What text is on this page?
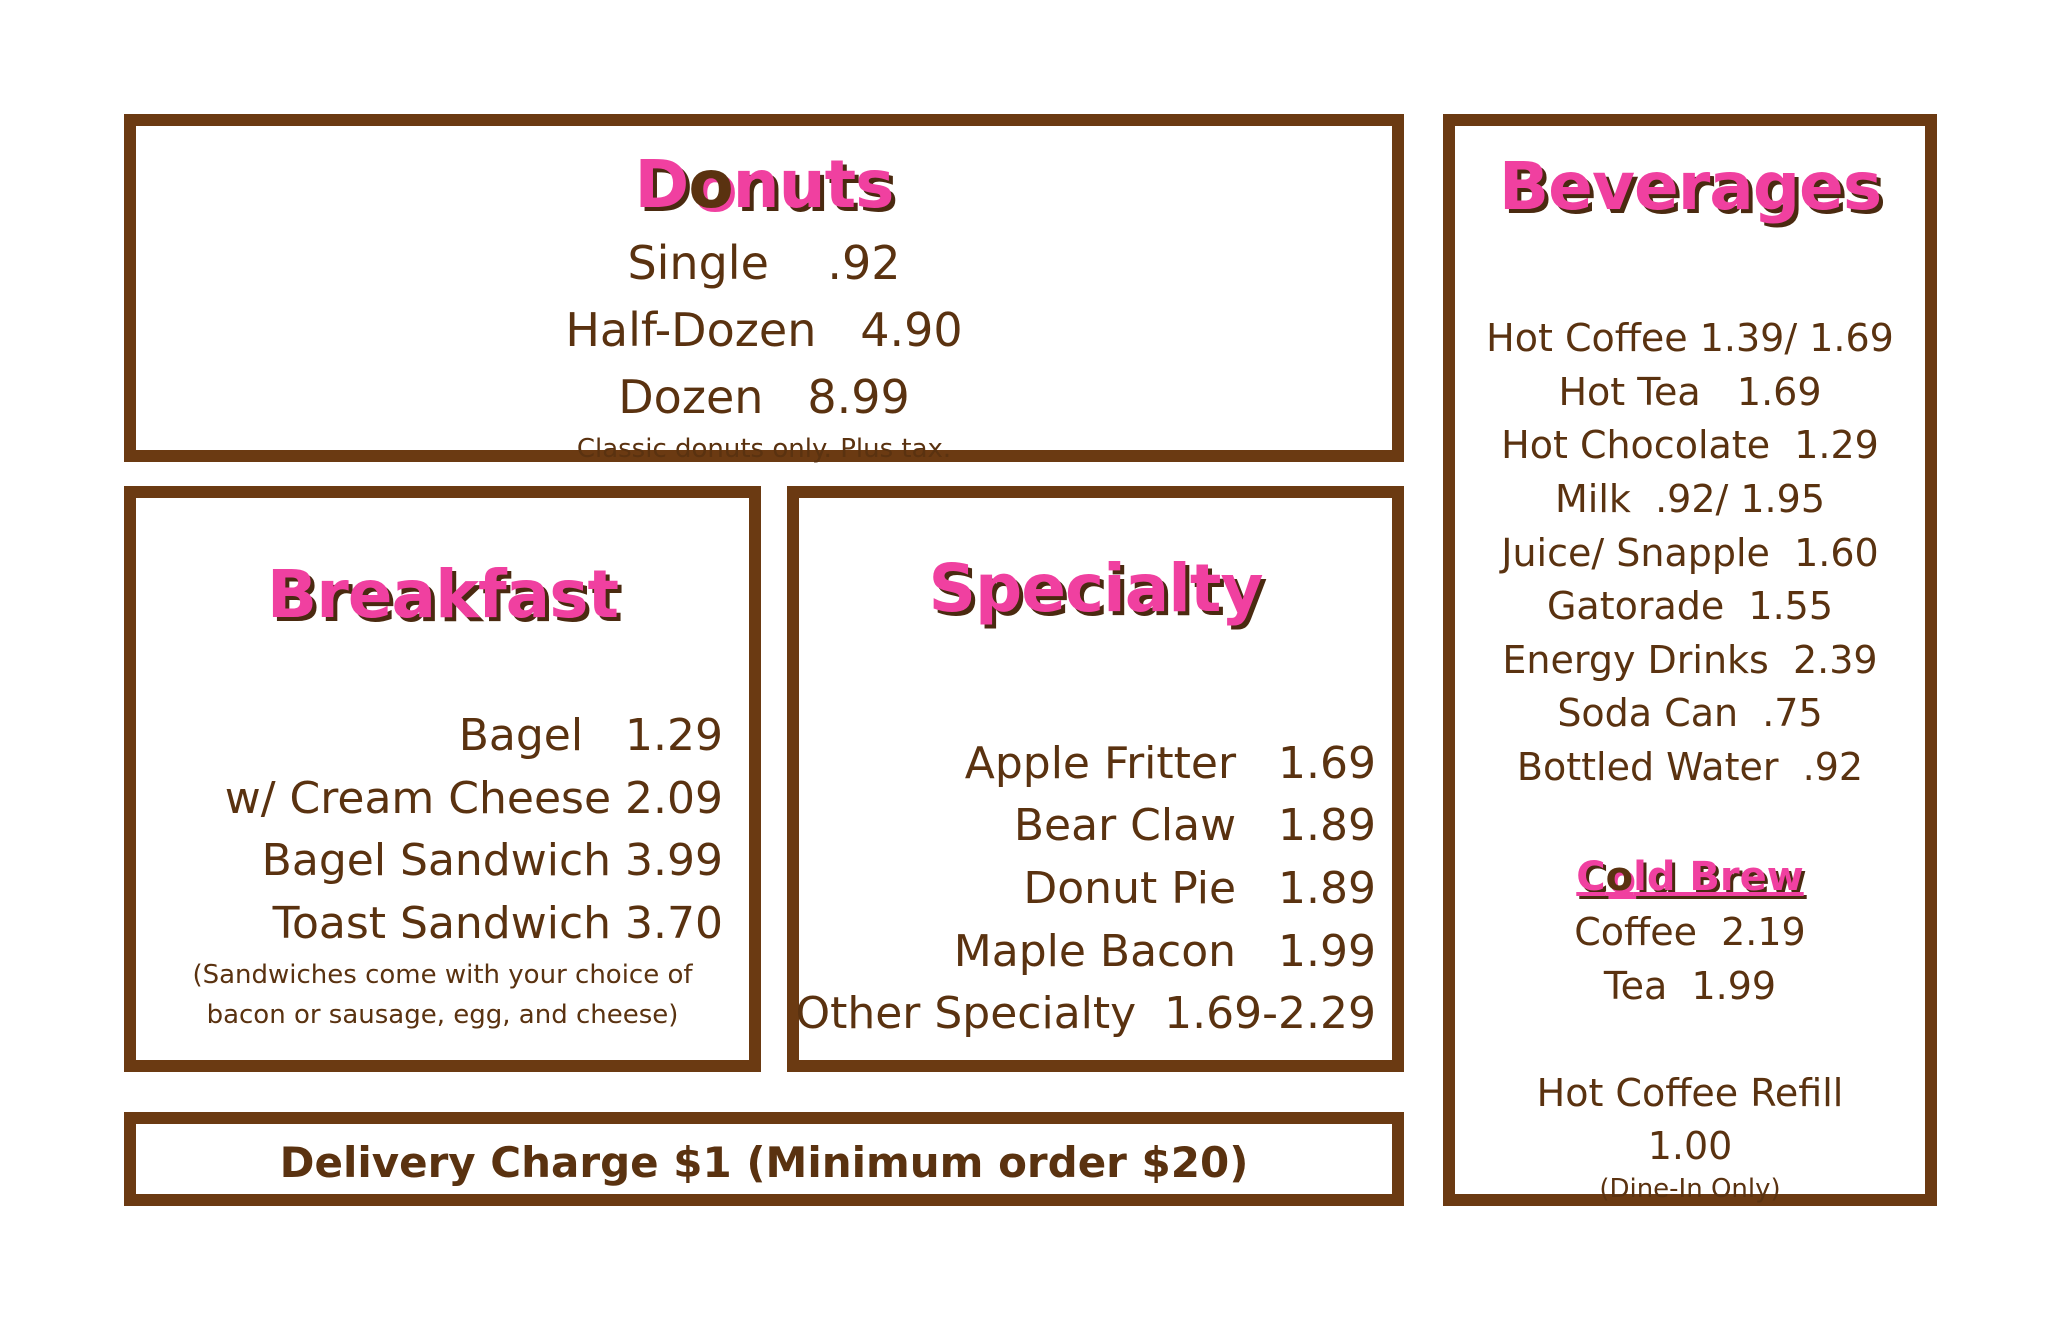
Donuts
Single .92
Half-Dozen 4.90
Dozen 8.99
Classic donuts only. Plus tax.
Breakfast
Bagel 1.29
w/ Cream Cheese 2.09
Bagel Sandwich 3.99
Toast Sandwich 3.70
(Sandwiches come with your choice of
bacon or sausage, egg, and cheese)
Specialty
Apple Fritter 1.69
Bear Claw 1.89
Donut Pie 1.89
Maple Bacon 1.99
Other Specialty 1.69-2.29
Delivery Charge $1 (Minimum order $20)
Beverages
Hot Coffee 1.39/ 1.69
Hot Tea   1.69
Hot Chocolate  1.29
Milk  .92/ 1.95
Juice/ Snapple  1.60
Gatorade  1.55
Energy Drinks  2.39
Soda Can  .75
Bottled Water  .92
Cold Brew
Coffee  2.19
Tea  1.99
Hot Coffee Refill
1.00
(Dine-In Only)
